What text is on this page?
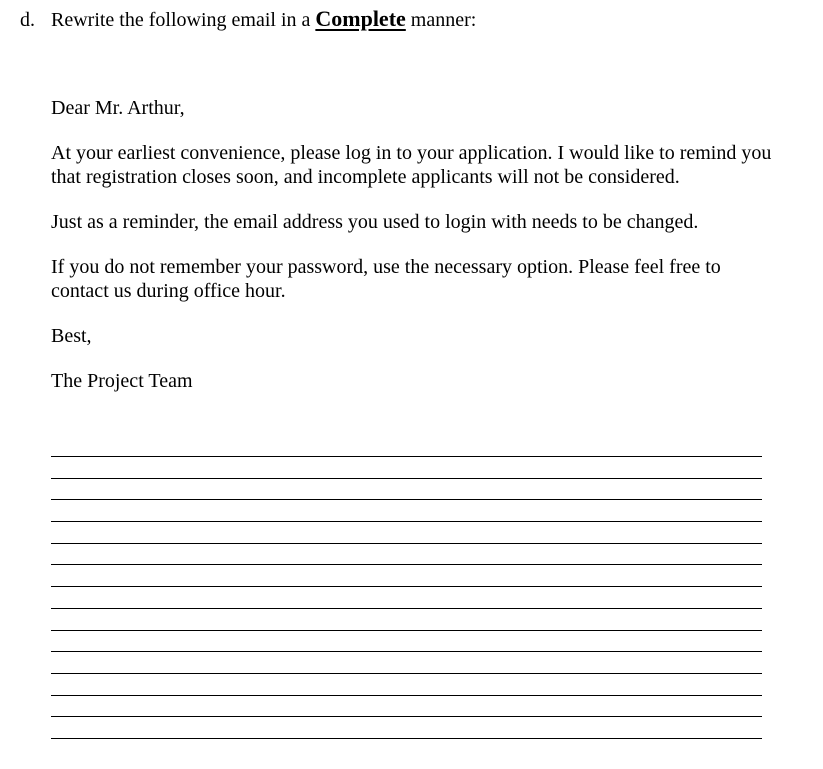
d. Rewrite the following email in a Complete manner:

Dear Mr. Arthur,

At your earliest convenience, please log in to your application. I would like to remind you that registration closes soon, and incomplete applicants will not be considered.

Just as a reminder, the email address you used to login with needs to be changed.

If you do not remember your password, use the necessary option. Please feel free to contact us during office hour.

Best,

The Project Team
